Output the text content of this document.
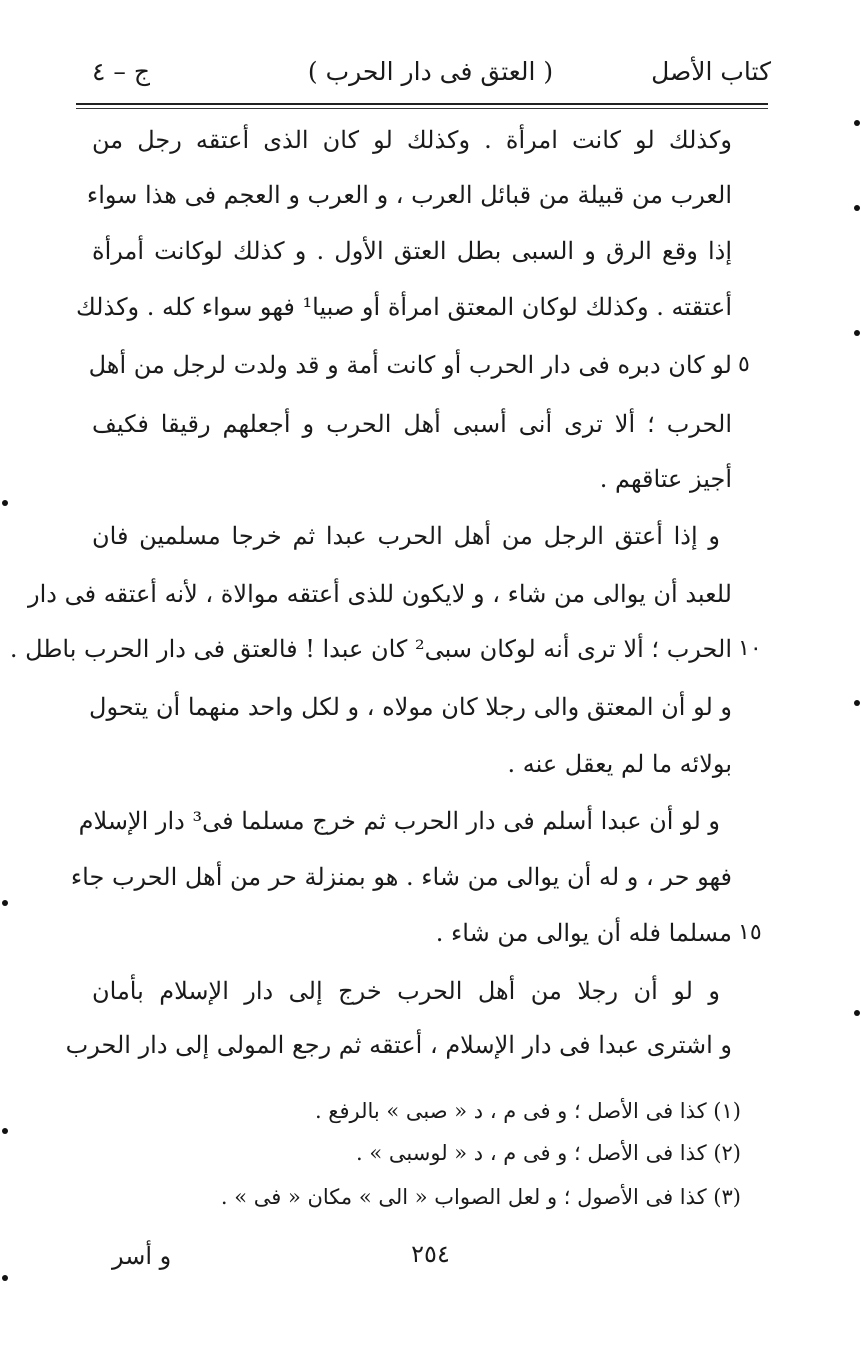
كتاب الأصل
( العتق فى دار الحرب )
ج – ٤
وكذلك لو كانت امرأة . وكذلك لو كان الذى أعتقه رجل من
العرب من قبيلة من قبائل العرب ، و العرب و العجم فى هذا سواء
إذا وقع الرق و السبى بطل العتق الأول . و كذلك لوكانت أمرأة
أعتقته . وكذلك لوكان المعتق امرأة أو صبيا¹ فهو سواء كله . وكذلك
لو كان دبره فى دار الحرب أو كانت أمة و قد ولدت لرجل من أهل ٥
الحرب ؛ ألا ترى أنى أسبى أهل الحرب و أجعلهم رقيقا فكيف
أجيز عتاقهم .
و إذا أعتق الرجل من أهل الحرب عبدا ثم خرجا مسلمين فان
للعبد أن يوالى من شاء ، و لايكون للذى أعتقه موالاة ، لأنه أعتقه فى دار
الحرب ؛ ألا ترى أنه لوكان سبى² كان عبدا ! فالعتق فى دار الحرب باطل . ١٠
و لو أن المعتق والى رجلا كان مولاه ، و لكل واحد منهما أن يتحول
بولائه ما لم يعقل عنه .
و لو أن عبدا أسلم فى دار الحرب ثم خرج مسلما فى³ دار الإسلام
فهو حر ، و له أن يوالى من شاء . هو بمنزلة حر من أهل الحرب جاء
مسلما فله أن يوالى من شاء . ١٥
و لو أن رجلا من أهل الحرب خرج إلى دار الإسلام بأمان
و اشترى عبدا فى دار الإسلام ، أعتقه ثم رجع المولى إلى دار الحرب
(١) كذا فى الأصل ؛ و فى م ، د « صبى » بالرفع .
(٢) كذا فى الأصل ؛ و فى م ، د « لوسبى » .
(٣) كذا فى الأصول ؛ و لعل الصواب « الى » مكان « فى » .
٢٥٤
و أسر
